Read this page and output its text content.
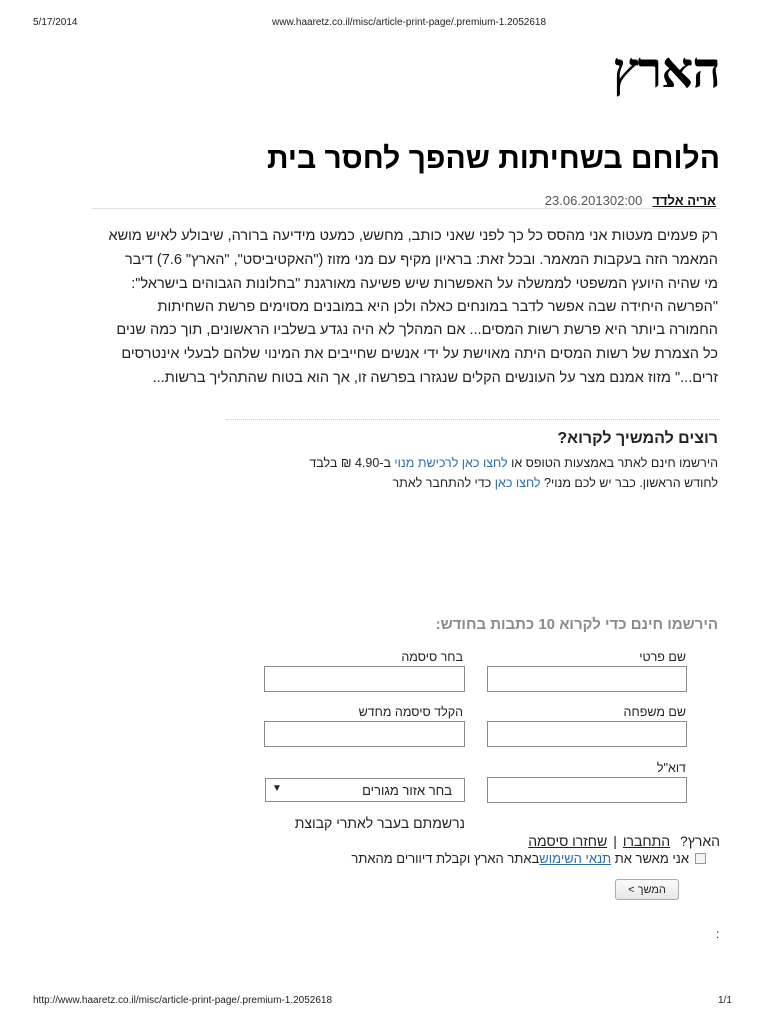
5/17/2014	www.haaretz.co.il/misc/article-print-page/.premium-1.2052618
http://www.haaretz.co.il/misc/article-print-page/.premium-1.2052618	1/1
הארץ
הלוחם בשחיתות שהפך לחסר בית
אריה אלדד23.06.201302:00
רק פעמים מעטות אני מהסס כל כך לפני שאני כותב, מחשש, כמעט מידיעה ברורה, שיבולע לאיש מושא
המאמר הזה בעקבות המאמר. ובכל זאת: בראיון מקיף עם מני מזוז ("האקטיביסט", "הארץ" 7.6) דיבר
מי שהיה היועץ המשפטי לממשלה על האפשרות שיש פשיעה מאורגנת "בחלונות הגבוהים בישראל":
"הפרשה היחידה שבה אפשר לדבר במונחים כאלה ולכן היא במובנים מסוימים פרשת השחיתות
החמורה ביותר היא פרשת רשות המסים... אם המהלך לא היה נגדע בשלביו הראשונים, תוך כמה שנים
כל הצמרת של רשות המסים היתה מאוישת על ידי אנשים שחייבים את המינוי שלהם לבעלי אינטרסים
זרים..." מזוז אמנם מצר על העונשים הקלים שנגזרו בפרשה זו, אך הוא בטוח שהתהליך ברשות...
רוצים להמשיך לקרוא?
הירשמו חינם לאתר באמצעות הטופס או לחצו כאן לרכישת מנוי ב-4.90 ₪ בלבד
לחודש הראשון. כבר יש לכם מנוי? לחצו כאן כדי להתחבר לאתר
הירשמו חינם כדי לקרוא 10 כתבות בחודש:
שם פרטי
בחר סיסמה
שם משפחה
הקלד סיסמה מחדש
דוא"ל
בחר אזור מגורים
▼
נרשמתם בעבר לאתרי קבוצת
הארץ? התחברו|שחזרו סיסמה
אני מאשר את

תנאי השימוש
באתר הארץ וקבלת דיוורים מהאתר
המשך >
:
